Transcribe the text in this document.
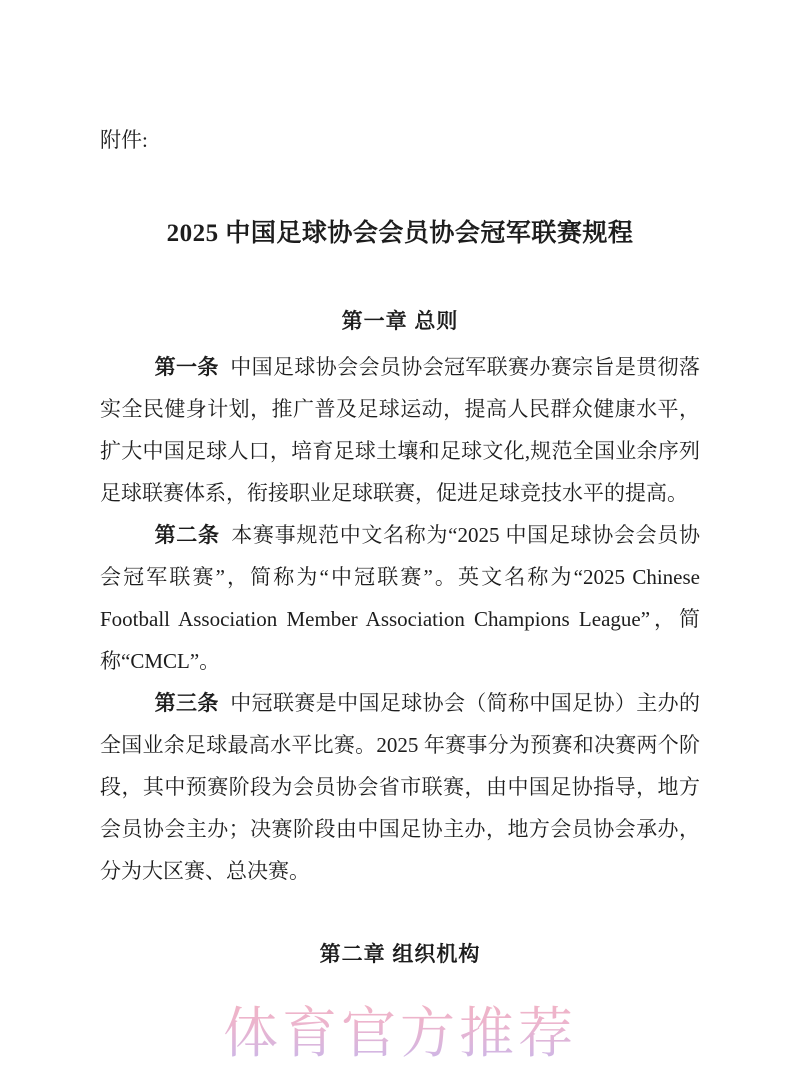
附件:
2025 中国足球协会会员协会冠军联赛规程
第一章 总则

第一条 中国足球协会会员协会冠军联赛办赛宗旨是贯彻落实全民健身计划，推广普及足球运动，提高人民群众健康水平，扩大中国足球人口，培育足球土壤和足球文化,规范全国业余序列足球联赛体系，衔接职业足球联赛，促进足球竞技水平的提高。

第二条 本赛事规范中文名称为“2025 中国足球协会会员协会冠军联赛”，简称为“中冠联赛”。英文名称为“2025 Chinese Football Association Member Association Champions League”，简称“CMCL”。

第三条 中冠联赛是中国足球协会（简称中国足协）主办的全国业余足球最高水平比赛。2025 年赛事分为预赛和决赛两个阶段，其中预赛阶段为会员协会省市联赛，由中国足协指导，地方会员协会主办；决赛阶段由中国足协主办，地方会员协会承办，分为大区赛、总决赛。

第二章 组织机构
体育官方推荐
